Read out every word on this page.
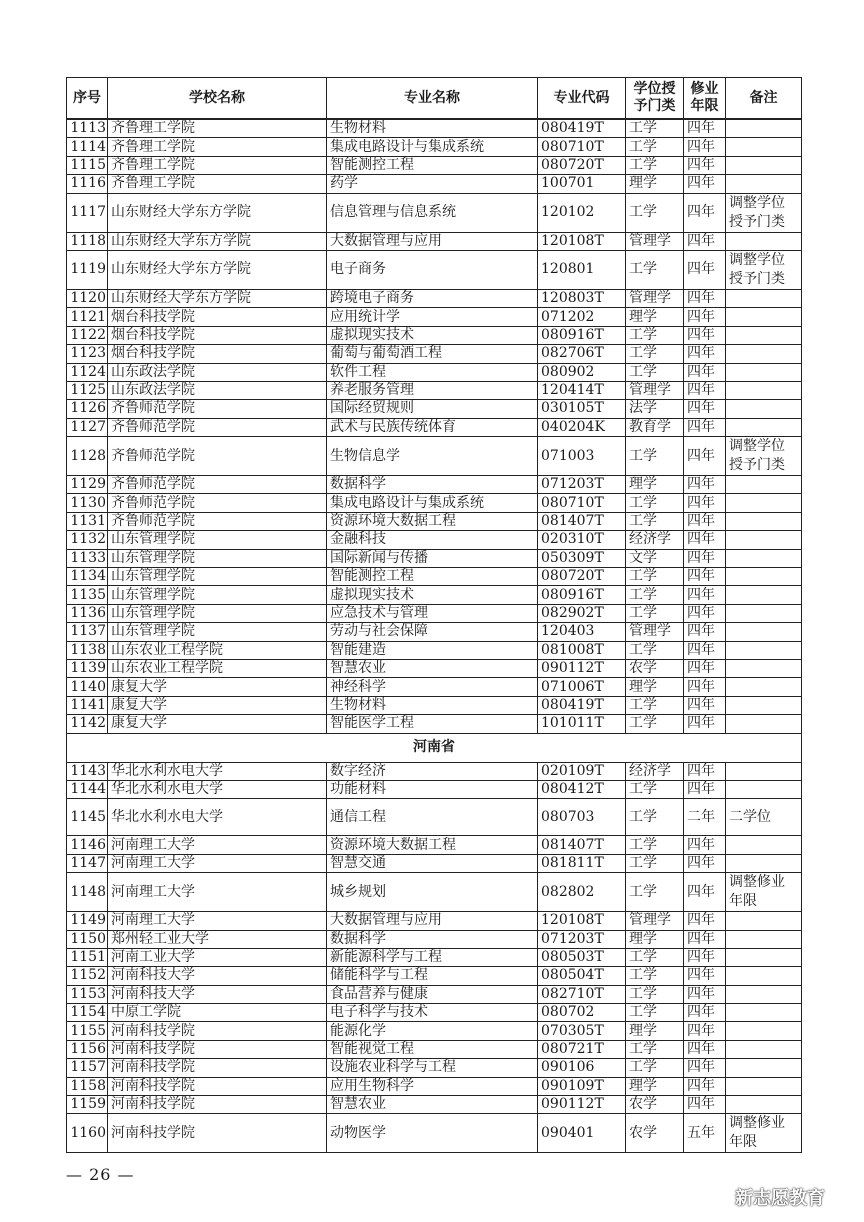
序号	学校名称	专业名称	专业代码	学位授予门类	修业年限	备注
1113	齐鲁理工学院	生物材料	080419T	工学	四年	
1114	齐鲁理工学院	集成电路设计与集成系统	080710T	工学	四年	
1115	齐鲁理工学院	智能测控工程	080720T	工学	四年	
1116	齐鲁理工学院	药学	100701	理学	四年	
1117	山东财经大学东方学院	信息管理与信息系统	120102	工学	四年	调整学位授予门类
1118	山东财经大学东方学院	大数据管理与应用	120108T	管理学	四年	
1119	山东财经大学东方学院	电子商务	120801	工学	四年	调整学位授予门类
1120	山东财经大学东方学院	跨境电子商务	120803T	管理学	四年	
1121	烟台科技学院	应用统计学	071202	理学	四年	
1122	烟台科技学院	虚拟现实技术	080916T	工学	四年	
1123	烟台科技学院	葡萄与葡萄酒工程	082706T	工学	四年	
1124	山东政法学院	软件工程	080902	工学	四年	
1125	山东政法学院	养老服务管理	120414T	管理学	四年	
1126	齐鲁师范学院	国际经贸规则	030105T	法学	四年	
1127	齐鲁师范学院	武术与民族传统体育	040204K	教育学	四年	
1128	齐鲁师范学院	生物信息学	071003	工学	四年	调整学位授予门类
1129	齐鲁师范学院	数据科学	071203T	理学	四年	
1130	齐鲁师范学院	集成电路设计与集成系统	080710T	工学	四年	
1131	齐鲁师范学院	资源环境大数据工程	081407T	工学	四年	
1132	山东管理学院	金融科技	020310T	经济学	四年	
1133	山东管理学院	国际新闻与传播	050309T	文学	四年	
1134	山东管理学院	智能测控工程	080720T	工学	四年	
1135	山东管理学院	虚拟现实技术	080916T	工学	四年	
1136	山东管理学院	应急技术与管理	082902T	工学	四年	
1137	山东管理学院	劳动与社会保障	120403	管理学	四年	
1138	山东农业工程学院	智能建造	081008T	工学	四年	
1139	山东农业工程学院	智慧农业	090112T	农学	四年	
1140	康复大学	神经科学	071006T	理学	四年	
1141	康复大学	生物材料	080419T	工学	四年	
1142	康复大学	智能医学工程	101011T	工学	四年	
河南省						
1143	华北水利水电大学	数字经济	020109T	经济学	四年	
1144	华北水利水电大学	功能材料	080412T	工学	四年	
1145	华北水利水电大学	通信工程	080703	工学	二年	二学位
1146	河南理工大学	资源环境大数据工程	081407T	工学	四年	
1147	河南理工大学	智慧交通	081811T	工学	四年	
1148	河南理工大学	城乡规划	082802	工学	四年	调整修业年限
1149	河南理工大学	大数据管理与应用	120108T	管理学	四年	
1150	郑州轻工业大学	数据科学	071203T	理学	四年	
1151	河南工业大学	新能源科学与工程	080503T	工学	四年	
1152	河南科技大学	储能科学与工程	080504T	工学	四年	
1153	河南科技大学	食品营养与健康	082710T	工学	四年	
1154	中原工学院	电子科学与技术	080702	工学	四年	
1155	河南科技学院	能源化学	070305T	理学	四年	
1156	河南科技学院	智能视觉工程	080721T	工学	四年	
1157	河南科技学院	设施农业科学与工程	090106	工学	四年	
1158	河南科技学院	应用生物科学	090109T	理学	四年	
1159	河南科技学院	智慧农业	090112T	农学	四年	
1160	河南科技学院	动物医学	090401	农学	五年	调整修业年限
— 26 —
新志愿教育
